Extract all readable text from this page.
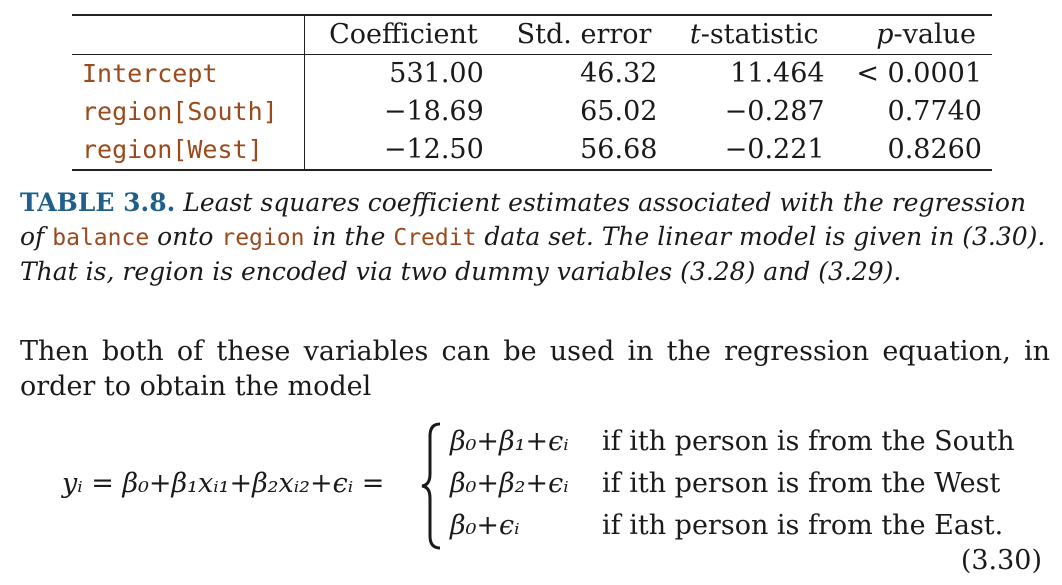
	Coefficient	Std. error	t-statistic	p-value
Intercept	531.00	46.32	11.464	< 0.0001
region[South]	−18.69	65.02	−0.287	0.7740
region[West]	−12.50	56.68	−0.221	0.8260
TABLE 3.8. Least squares coefficient estimates associated with the regression of balance onto region in the Credit data set. The linear model is given in (3.30). That is, region is encoded via two dummy variables (3.28) and (3.29).
Then both of these variables can be used in the regression equation, in order to obtain the model
yᵢ = β₀+β₁xᵢ₁+β₂xᵢ₂+ϵᵢ =
β₀+β₁+ϵᵢ if ith person is from the South
β₀+β₂+ϵᵢ if ith person is from the West
β₀+ϵᵢ	if ith person is from the East.
(3.30)
